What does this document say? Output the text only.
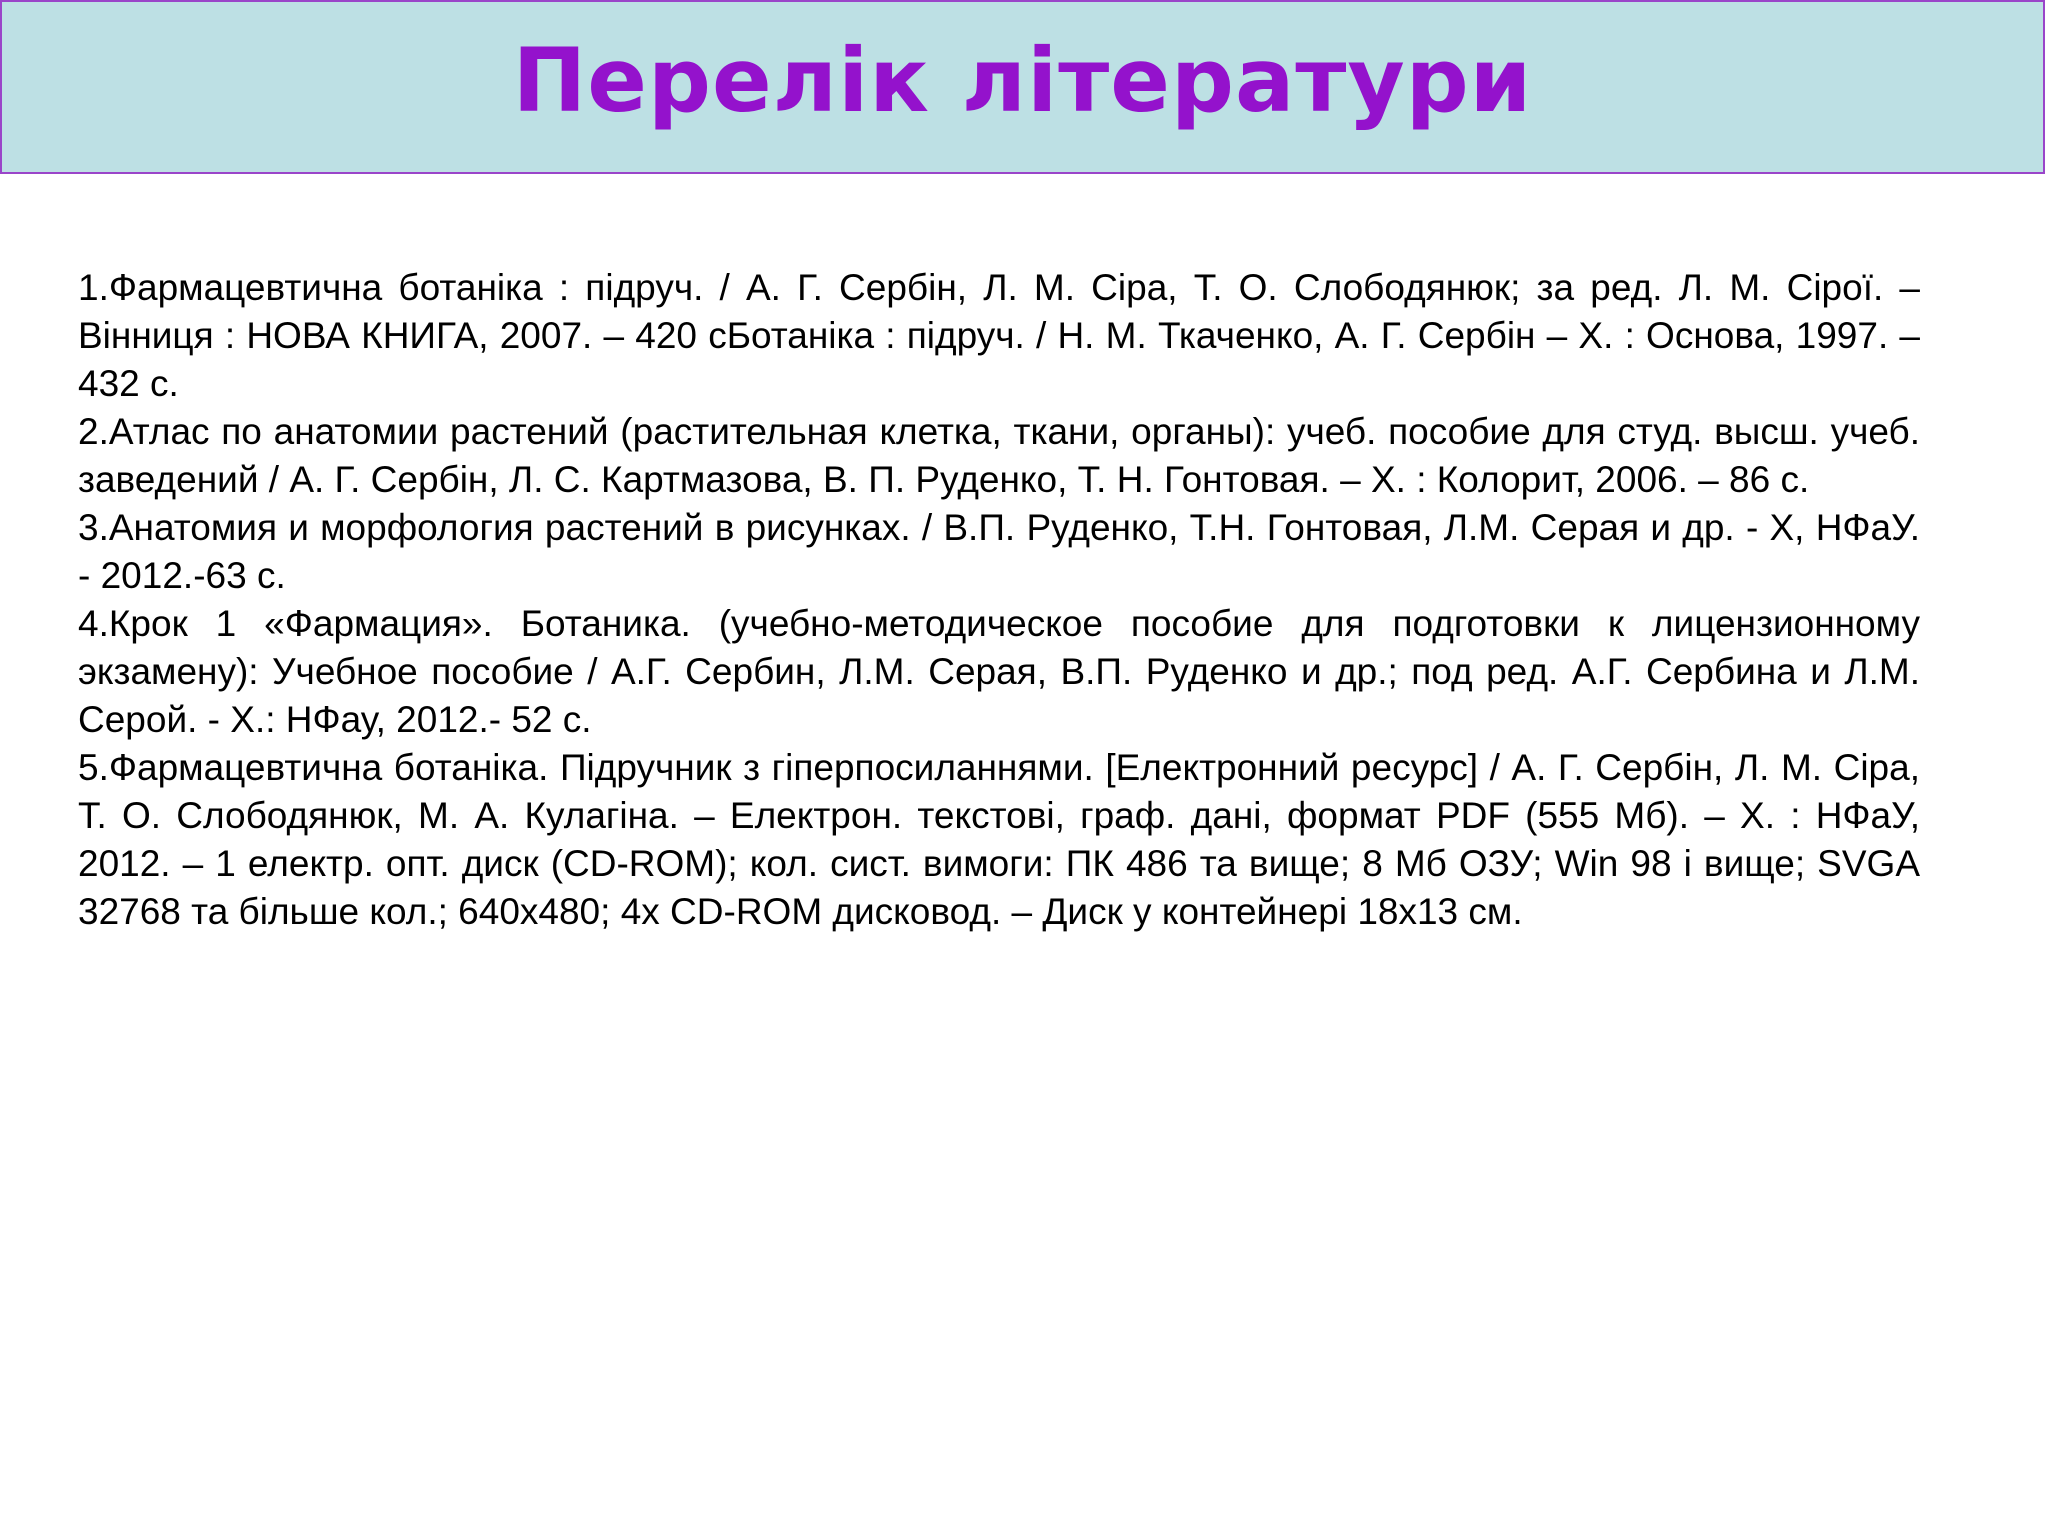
Перелік літератури
1.Фармацевтична ботаніка : підруч. / А. Г. Сербін, Л. М. Сіра, Т. О. Слободянюк; за ред. Л. М. Сірої. – Вінниця : НОВА КНИГА, 2007. – 420 сБотаніка : підруч. / Н. М. Ткаченко, А. Г. Сербін – Х. : Основа, 1997. – 432 с.
2.Атлас по анатомии растений (растительная клетка, ткани, органы): учеб. пособие для студ. высш. учеб. заведений / А. Г. Сербін, Л. С. Картмазова, В. П. Руденко, Т. Н. Гонтовая. – Х. : Колорит, 2006. – 86 с.
3.Анатомия и морфология растений в рисунках. / В.П. Руденко, Т.Н. Гонтовая, Л.М. Серая и др. - Х, НФаУ. - 2012.-63 с.
4.Крок 1 «Фармация». Ботаника. (учебно-методическое пособие для подготовки к лицензионному экзамену): Учебное пособие / А.Г. Сербин, Л.М. Серая, В.П. Руденко и др.; под ред. А.Г. Сербина и Л.М. Серой. - Х.: НФау, 2012.- 52 с.
5.Фармацевтична ботаніка. Підручник з гіперпосиланнями. [Електронний ресурс] / А. Г. Сербін, Л. М. Сіра, Т. О. Слободянюк, М. А. Кулагіна. – Електрон. текстові, граф. дані, формат PDF (555 Мб). – Х. : НФаУ, 2012. – 1 електр. опт. диск (CD-ROM); кол. сист. вимоги: ПК 486 та вище; 8 Мб ОЗУ; Win 98 і вище; SVGA 32768 та більше кол.; 640х480; 4х CD-ROM дисковод. – Диск у контейнері 18х13 см.
